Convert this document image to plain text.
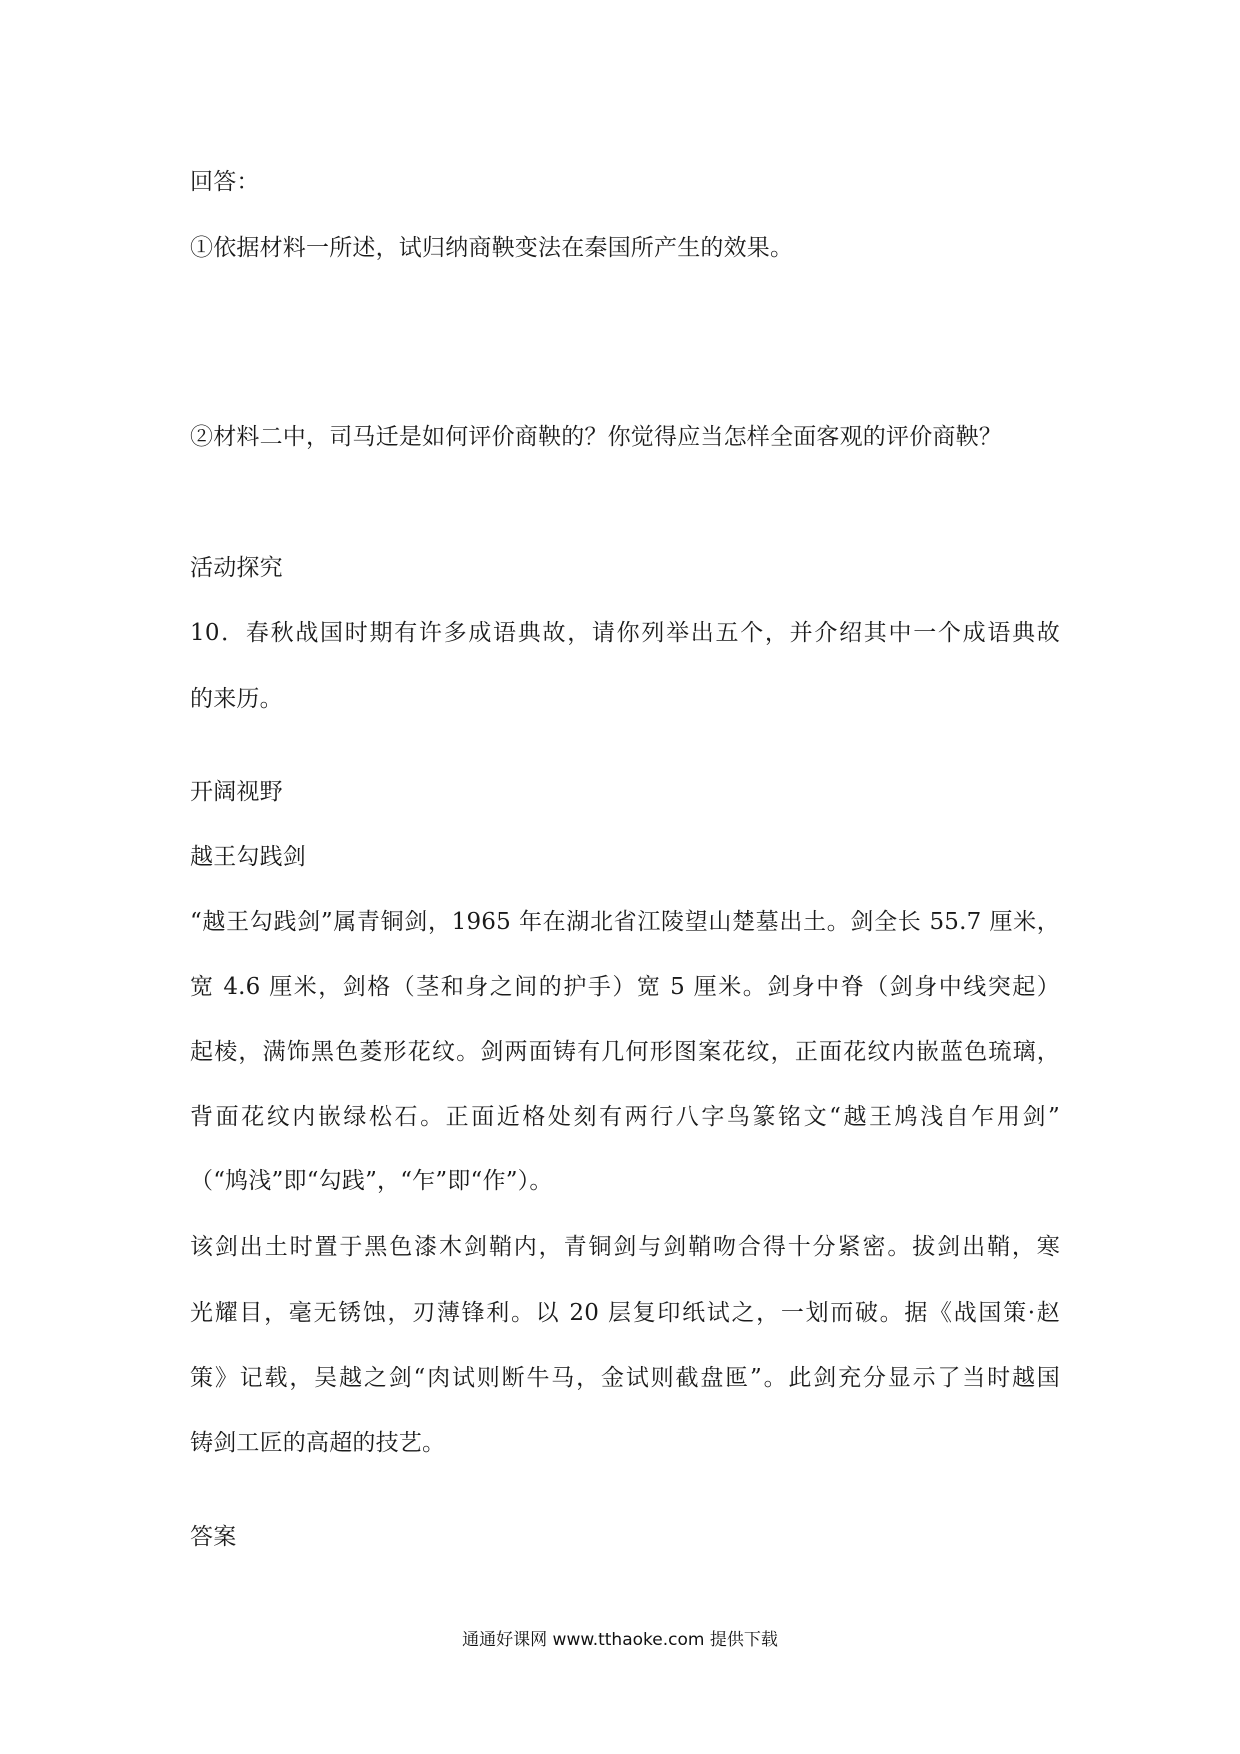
回答：
①依据材料一所述，试归纳商鞅变法在秦国所产生的效果。
②材料二中，司马迁是如何评价商鞅的？你觉得应当怎样全面客观的评价商鞅？
活动探究
10．春秋战国时期有许多成语典故，请你列举出五个，并介绍其中一个成语典故
的来历。
开阔视野
越王勾践剑
“越王勾践剑”属青铜剑，1965 年在湖北省江陵望山楚墓出土。剑全长 55.7 厘米，
宽 4.6 厘米，剑格（茎和身之间的护手）宽 5 厘米。剑身中脊（剑身中线突起）
起棱，满饰黑色菱形花纹。剑两面铸有几何形图案花纹，正面花纹内嵌蓝色琉璃，
背面花纹内嵌绿松石。正面近格处刻有两行八字鸟篆铭文“越王鸠浅自乍用剑”
（“鸠浅”即“勾践”，“乍”即“作”）。
该剑出土时置于黑色漆木剑鞘内，青铜剑与剑鞘吻合得十分紧密。拔剑出鞘，寒
光耀目，毫无锈蚀，刃薄锋利。以 20 层复印纸试之，一划而破。据《战国策·赵
策》记载，吴越之剑“肉试则断牛马，金试则截盘匜”。此剑充分显示了当时越国
铸剑工匠的高超的技艺。
答案
通通好课网 www.tthaoke.com 提供下载
